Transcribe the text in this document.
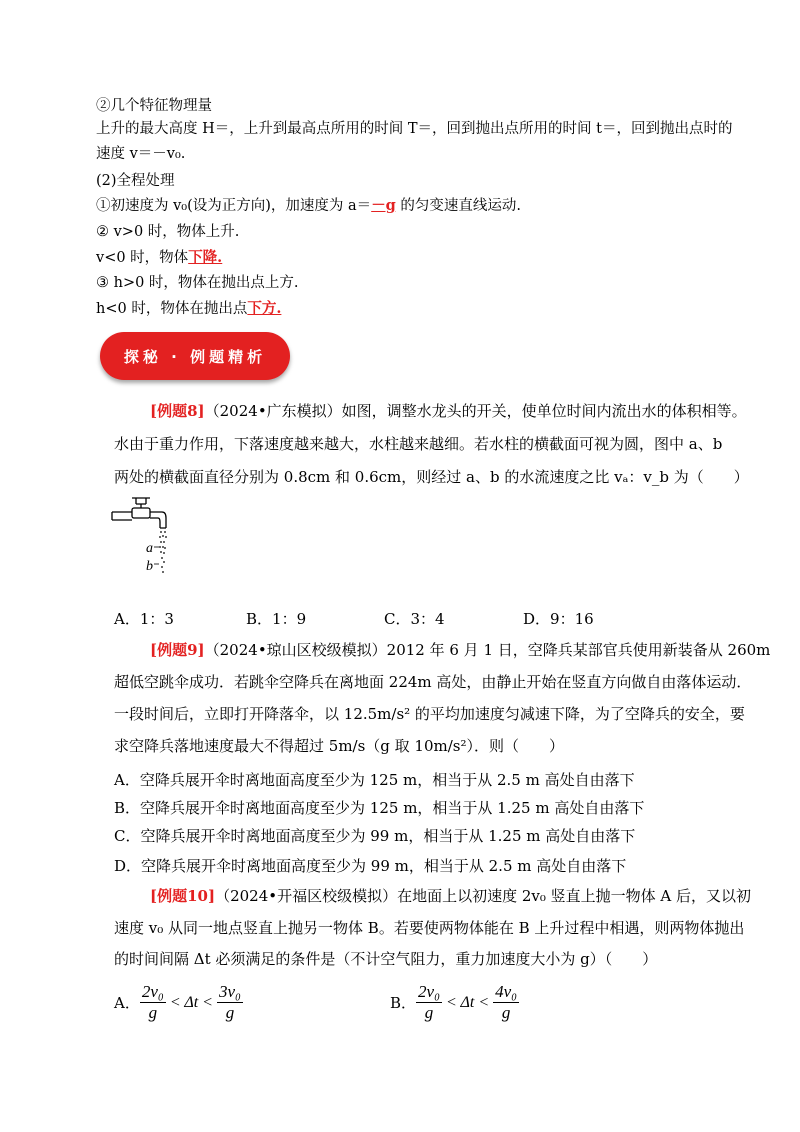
②几个特征物理量
上升的最大高度 H＝，上升到最高点所用的时间 T＝，回到抛出点所用的时间 t＝，回到抛出点时的
速度 v＝－v₀.
(2)全程处理
①初速度为 v₀(设为正方向)，加速度为 a＝－g 的匀变速直线运动.
② v>0 时，物体上升.
v<0 时，物体下降.
③ h>0 时，物体在抛出点上方.
h<0 时，物体在抛出点下方.
探秘 · 例题精析
[例题8]（2024•广东模拟）如图，调整水龙头的开关，使单位时间内流出水的体积相等。
水由于重力作用，下落速度越来越大，水柱越来越细。若水柱的横截面可视为圆，图中 a、b
两处的横截面直径分别为 0.8cm 和 0.6cm，则经过 a、b 的水流速度之比 vₐ：v_b 为（　　）
a
b
A．1：3	B．1：9	C．3：4	D．9：16
[例题9]（2024•琼山区校级模拟）2012 年 6 月 1 日，空降兵某部官兵使用新装备从 260m
超低空跳伞成功．若跳伞空降兵在离地面 224m 高处，由静止开始在竖直方向做自由落体运动．
一段时间后，立即打开降落伞，以 12.5m/s² 的平均加速度匀减速下降，为了空降兵的安全，要
求空降兵落地速度最大不得超过 5m/s（g 取 10m/s²）．则（　　）
A．空降兵展开伞时离地面高度至少为 125 m，相当于从 2.5 m 高处自由落下
B．空降兵展开伞时离地面高度至少为 125 m，相当于从 1.25 m 高处自由落下
C．空降兵展开伞时离地面高度至少为 99 m，相当于从 1.25 m 高处自由落下
D．空降兵展开伞时离地面高度至少为 99 m，相当于从 2.5 m 高处自由落下
[例题10]（2024•开福区校级模拟）在地面上以初速度 2v₀ 竖直上抛一物体 A 后，又以初
速度 v₀ 从同一地点竖直上抛另一物体 B。若要使两物体能在 B 上升过程中相遇，则两物体抛出
的时间间隔 Δt 必须满足的条件是（不计空气阻力，重力加速度大小为 g）（　　）
A． $\frac{\text{2v₀}}{g} < \Delta t < \frac{\text{3v₀}}{g}$	B． $\frac{\text{2v₀}}{g} < \Delta t < \frac{\text{4v₀}}{g}$
